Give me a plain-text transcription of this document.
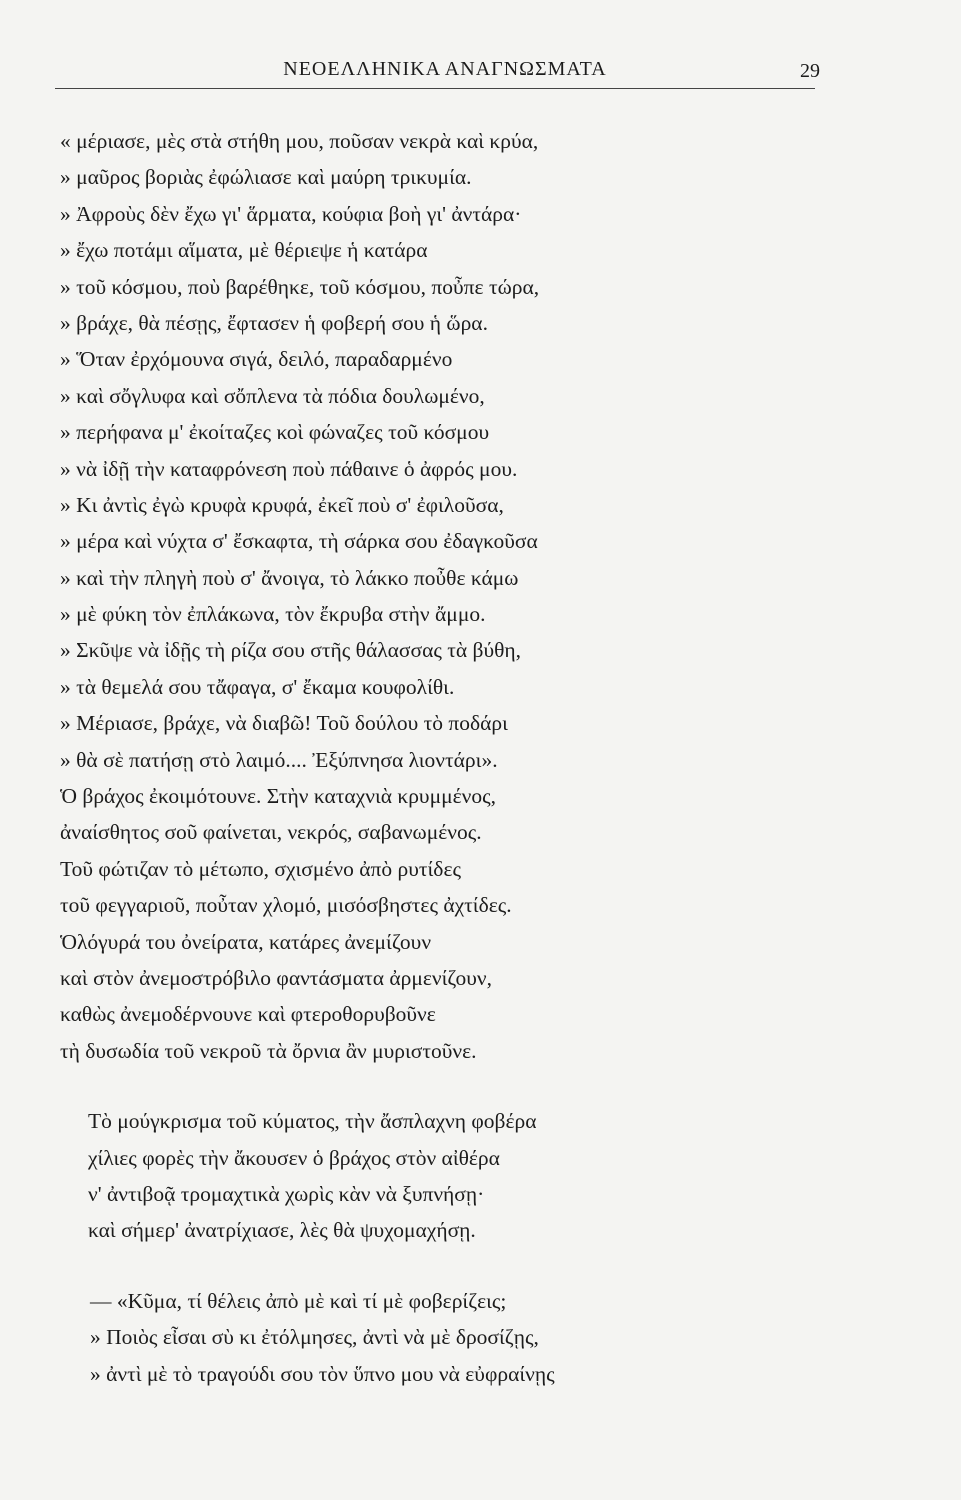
ΝΕΟΕΛΛΗΝΙΚΑ ΑΝΑΓΝΩΣΜΑΤΑ	29
« μέριασε, μὲς στὰ στήθη μου, ποῦσαν νεκρὰ καὶ κρύα,
» μαῦρος βοριὰς ἐφώλιασε καὶ μαύρη τρικυμία.
» Ἀφροὺς δὲν ἔχω γι' ἅρματα, κούφια βοὴ γι' ἀντάρα·
» ἔχω ποτάμι αἵματα, μὲ θέριεψε ἡ κατάρα
» τοῦ κόσμου, ποὺ βαρέθηκε, τοῦ κόσμου, ποὖπε τώρα,
» βράχε, θὰ πέσῃς, ἔφτασεν ἡ φοβερή σου ἡ ὥρα.
» Ὅταν ἐρχόμουνα σιγά, δειλό, παραδαρμένο
» καὶ σὄγλυφα καὶ σὄπλενα τὰ πόδια δουλωμένο,
» περήφανα μ' ἐκοίταζες κοὶ φώναζες τοῦ κόσμου
» νὰ ἰδῇ τὴν καταφρόνεση ποὺ πάθαινε ὁ ἀφρός μου.
» Κι ἀντὶς ἐγὼ κρυφὰ κρυφά, ἐκεῖ ποὺ σ' ἐφιλοῦσα,
» μέρα καὶ νύχτα σ' ἔσκαφτα, τὴ σάρκα σου ἐδαγκοῦσα
» καὶ τὴν πληγὴ ποὺ σ' ἄνοιγα, τὸ λάκκο ποὖθε κάμω
» μὲ φύκη τὸν ἐπλάκωνα, τὸν ἔκρυβα στὴν ἄμμο.
» Σκῦψε νὰ ἰδῇς τὴ ρίζα σου στῆς θάλασσας τὰ βύθη,
» τὰ θεμελά σου τἄφαγα, σ' ἔκαμα κουφολίθι.
» Μέριασε, βράχε, νὰ διαβῶ! Τοῦ δούλου τὸ ποδάρι
» θὰ σὲ πατήσῃ στὸ λαιμό.... Ἐξύπνησα λιοντάρι».
Ὁ βράχος ἐκοιμότουνε. Στὴν καταχνιὰ κρυμμένος,
ἀναίσθητος σοῦ φαίνεται, νεκρός, σαβανωμένος.
Τοῦ φώτιζαν τὸ μέτωπο, σχισμένο ἀπὸ ρυτίδες
τοῦ φεγγαριοῦ, ποὖταν χλομό, μισόσβηστες ἀχτίδες.
Ὁλόγυρά του ὀνείρατα, κατάρες ἀνεμίζουν
καὶ στὸν ἀνεμοστρόβιλο φαντάσματα ἀρμενίζουν,
καθὼς ἀνεμοδέρνουνε καὶ φτεροθορυβοῦνε
τὴ δυσωδία τοῦ νεκροῦ τὰ ὄρνια ἂν μυριστοῦνε.
Τὸ μούγκρισμα τοῦ κύματος, τὴν ἄσπλαχνη φοβέρα
χίλιες φορὲς τὴν ἄκουσεν ὁ βράχος στὸν αἰθέρα
ν' ἀντιβοᾷ τρομαχτικὰ χωρὶς κὰν νὰ ξυπνήσῃ·
καὶ σήμερ' ἀνατρίχιασε, λὲς θὰ ψυχομαχήσῃ.
— «Κῦμα, τί θέλεις ἀπὸ μὲ καὶ τί μὲ φοβερίζεις;
» Ποιὸς εἶσαι σὺ κι ἐτόλμησες, ἀντὶ νὰ μὲ δροσίζῃς,
» ἀντὶ μὲ τὸ τραγούδι σου τὸν ὕπνο μου νὰ εὐφραίνῃς
